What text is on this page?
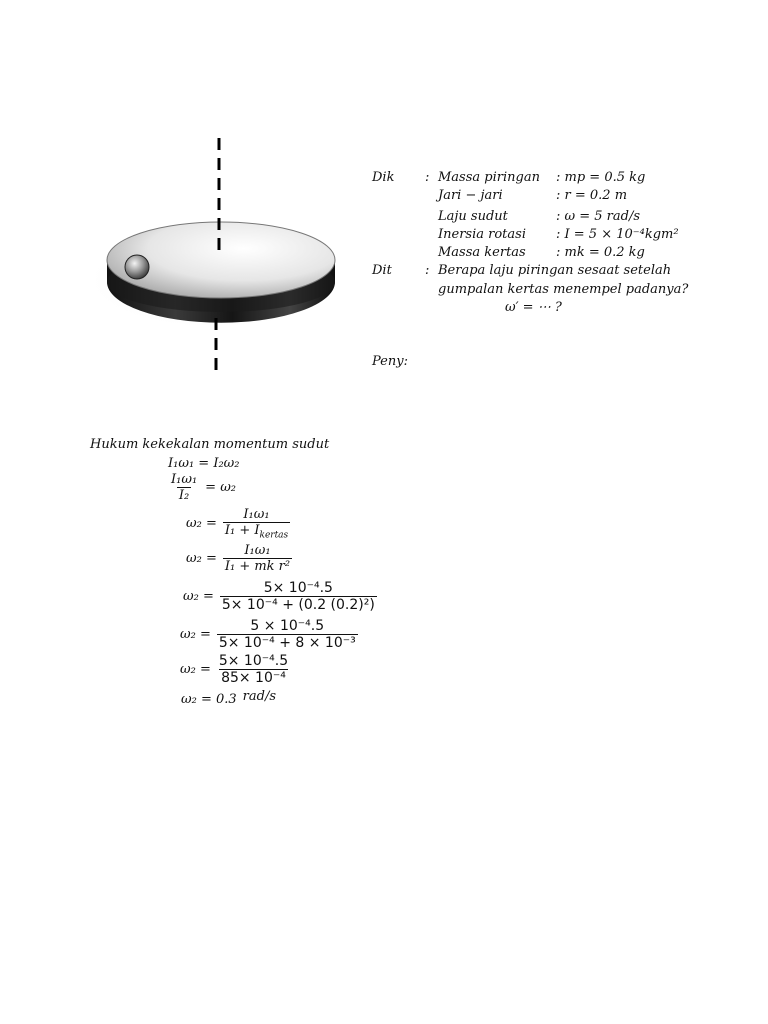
Dik : Massa piringan : mp = 0.5 kg
Jari − jari	: r = 0.2 m
Laju sudut	: ω = 5 rad/s
Inersia rotasi : I = 5 × 10⁻⁴kgm²
Massa kertas : mk = 0.2 kg
Dit	: Berapa laju piringan sesaat setelah
gumpalan kertas menempel padanya?
ω′ = ⋯ ?
Peny:
Hukum kekekalan momentum sudut
I₁ω₁ = I₂ω₂
$\frac{\text{I₁ω₁}}{\text{I₂}} = \omega_2$
$\omega_2 = \frac{\text{I₁ω₁}}{I_1 + I_{kertas}}$
$\omega_2 = \frac{\text{I₁ω₁}}{\text{I₁ + mk r²}}$
$\omega_2 = \frac{\text{5× 10⁻⁴.5}}{\text{5× 10⁻⁴ + (0.2 (0.2)²)}}$
$\omega_2 = \frac{\text{5 × 10⁻⁴.5}}{\text{5× 10⁻⁴ + 8 × 10⁻³}}$
$\omega_2 = \frac{\text{5× 10⁻⁴.5}}{\text{85× 10⁻⁴}}$
ω₂ = 0.3 rad/s
